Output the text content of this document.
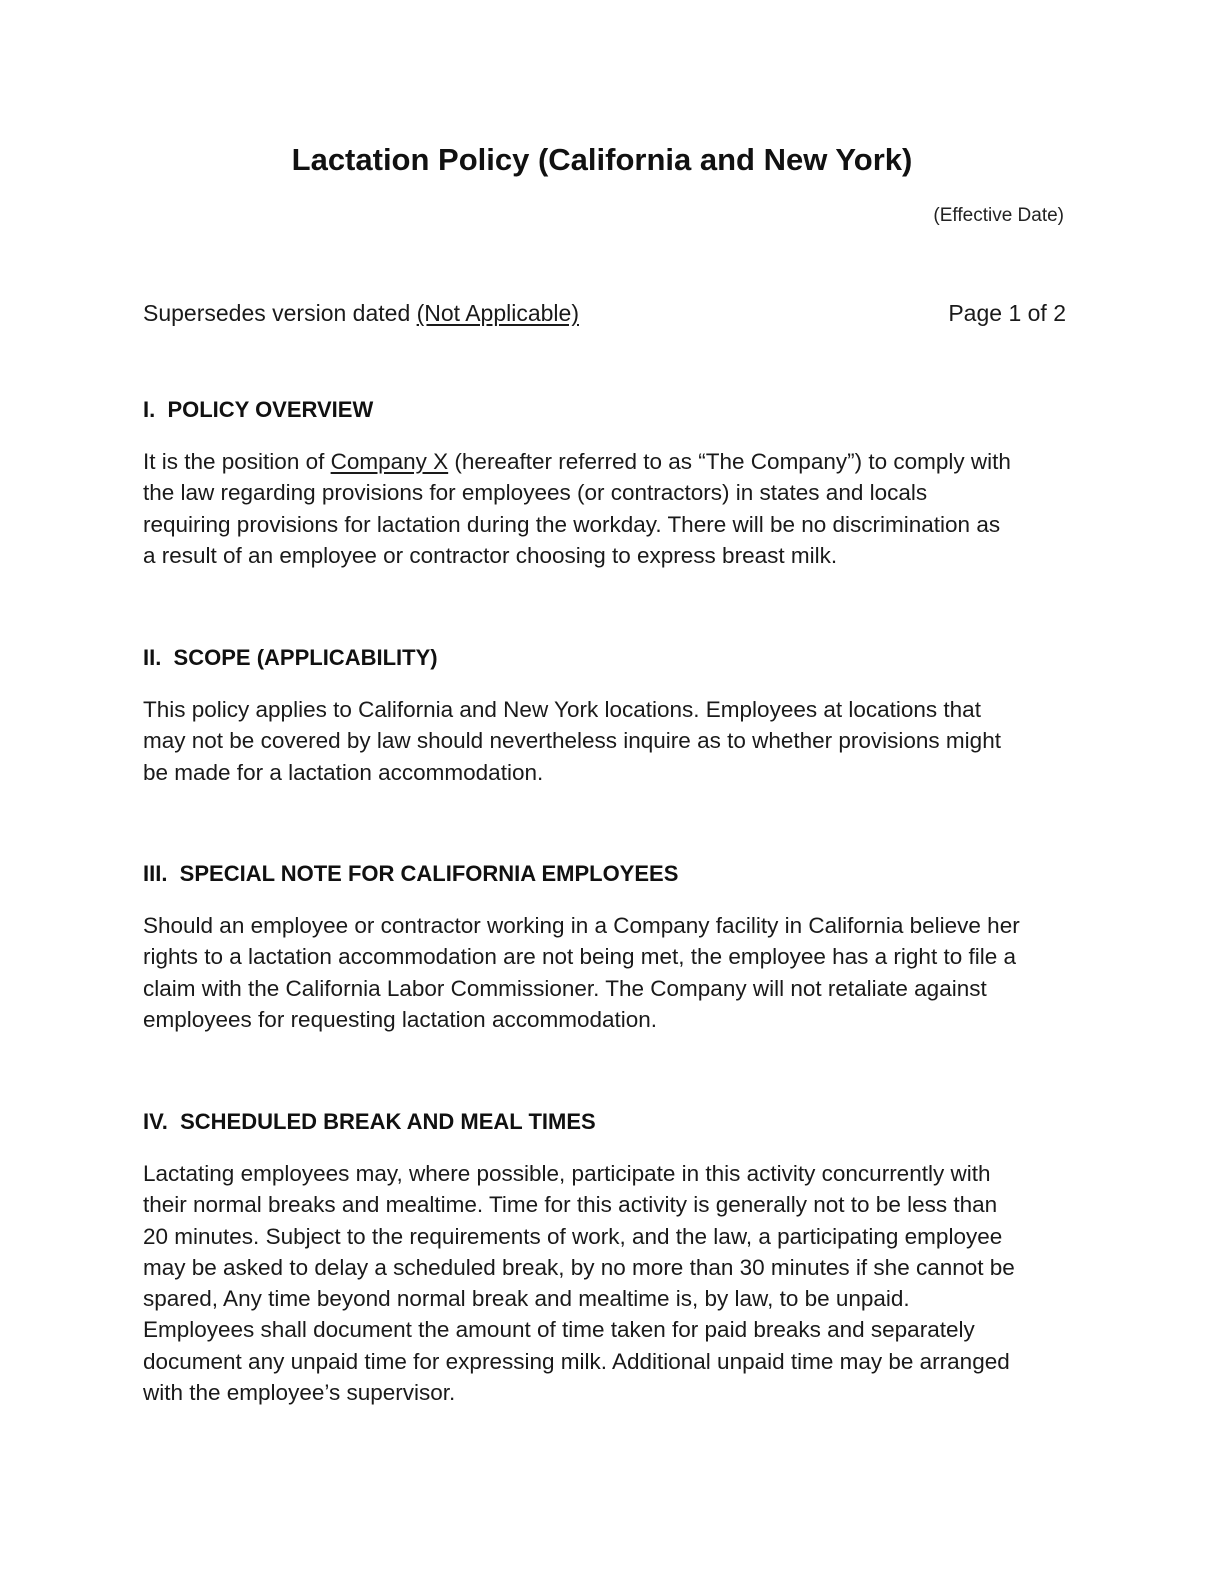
Lactation Policy (California and New York)
(Effective Date)
Supersedes version dated (Not Applicable)	Page 1 of 2
I.  POLICY OVERVIEW

It is the position of Company X (hereafter referred to as “The Company”) to comply with
the law regarding provisions for employees (or contractors) in states and locals
requiring provisions for lactation during the workday. There will be no discrimination as
a result of an employee or contractor choosing to express breast milk.

II.  SCOPE (APPLICABILITY)

This policy applies to California and New York locations. Employees at locations that
may not be covered by law should nevertheless inquire as to whether provisions might
be made for a lactation accommodation.

III.  SPECIAL NOTE FOR CALIFORNIA EMPLOYEES

Should an employee or contractor working in a Company facility in California believe her
rights to a lactation accommodation are not being met, the employee has a right to file a
claim with the California Labor Commissioner. The Company will not retaliate against
employees for requesting lactation accommodation.

IV.  SCHEDULED BREAK AND MEAL TIMES

Lactating employees may, where possible, participate in this activity concurrently with
their normal breaks and mealtime. Time for this activity is generally not to be less than
20 minutes. Subject to the requirements of work, and the law, a participating employee
may be asked to delay a scheduled break, by no more than 30 minutes if she cannot be
spared, Any time beyond normal break and mealtime is, by law, to be unpaid.
Employees shall document the amount of time taken for paid breaks and separately
document any unpaid time for expressing milk. Additional unpaid time may be arranged
with the employee’s supervisor.
